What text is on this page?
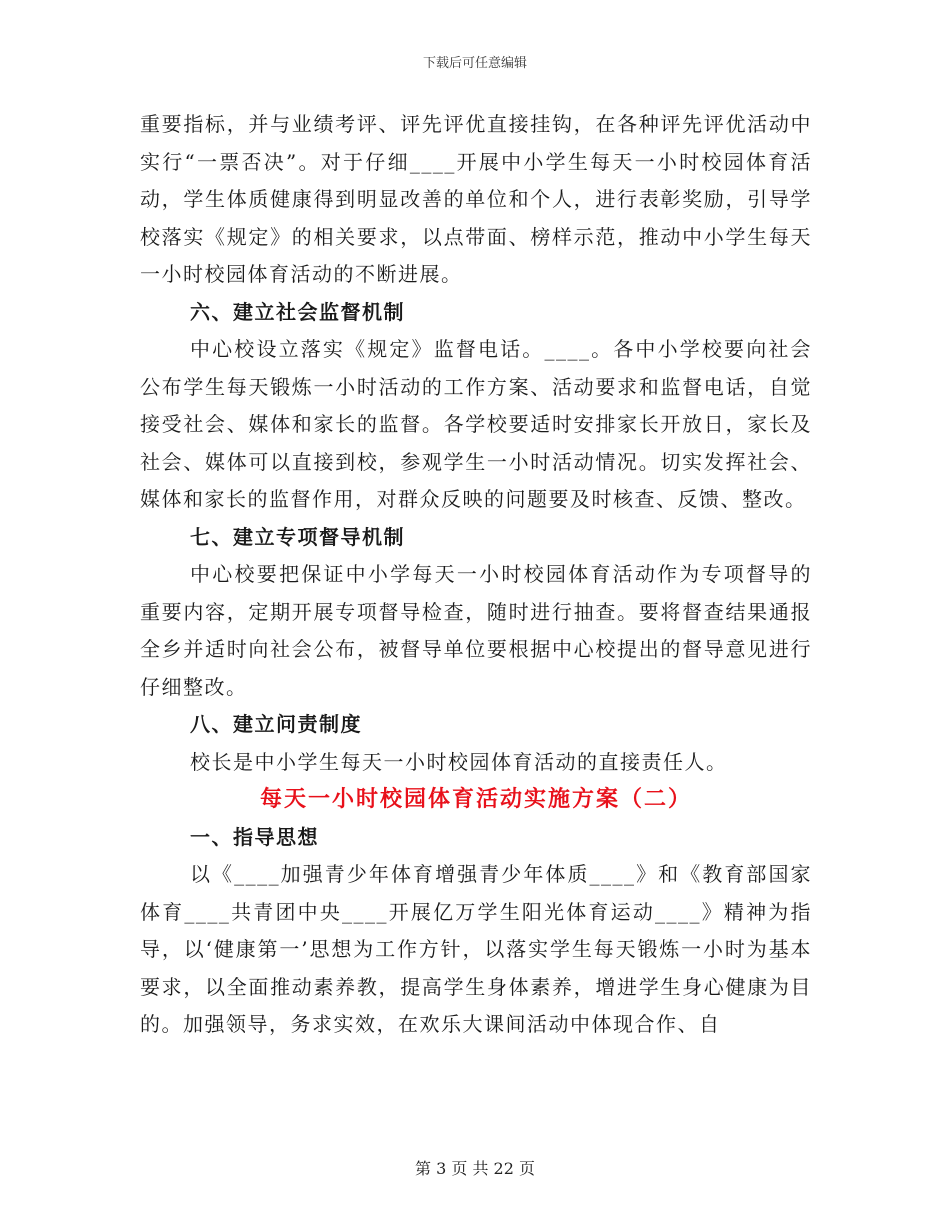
下载后可任意编辑

重要指标，并与业绩考评、评先评优直接挂钩，在各种评先评优活动中实行“一票否决”。对于仔细____开展中小学生每天一小时校园体育活动，学生体质健康得到明显改善的单位和个人，进行表彰奖励，引导学校落实《规定》的相关要求，以点带面、榜样示范，推动中小学生每天一小时校园体育活动的不断进展。

六、建立社会监督机制

中心校设立落实《规定》监督电话。____。各中小学校要向社会公布学生每天锻炼一小时活动的工作方案、活动要求和监督电话，自觉接受社会、媒体和家长的监督。各学校要适时安排家长开放日，家长及社会、媒体可以直接到校，参观学生一小时活动情况。切实发挥社会、媒体和家长的监督作用，对群众反映的问题要及时核查、反馈、整改。

七、建立专项督导机制

中心校要把保证中小学每天一小时校园体育活动作为专项督导的重要内容，定期开展专项督导检查，随时进行抽查。要将督查结果通报全乡并适时向社会公布，被督导单位要根据中心校提出的督导意见进行仔细整改。

八、建立问责制度

校长是中小学生每天一小时校园体育活动的直接责任人。

每天一小时校园体育活动实施方案（二）

一、指导思想

以《____加强青少年体育增强青少年体质____》和《教育部国家体育____共青团中央____开展亿万学生阳光体育运动____》精神为指导，以‘健康第一’思想为工作方针，以落实学生每天锻炼一小时为基本要求，以全面推动素养教，提高学生身体素养，增进学生身心健康为目的。加强领导，务求实效，在欢乐大课间活动中体现合作、自

第 3 页 共 22 页
